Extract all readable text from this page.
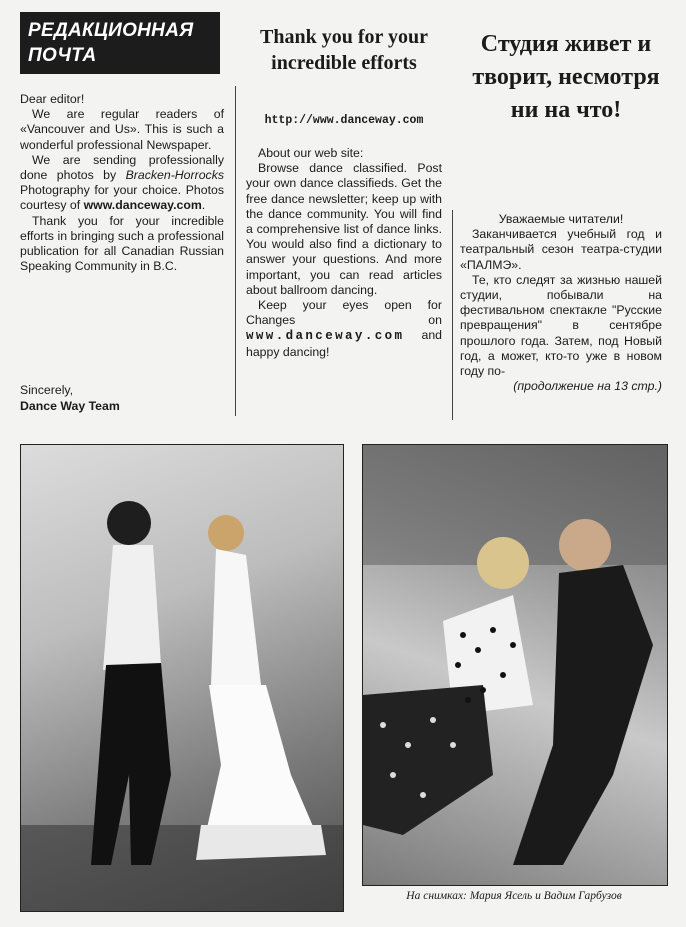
РЕДАКЦИОННАЯ
ПОЧТА

Dear editor!

We are regular readers of «Vancouver and Us». This is such a wonderful professional Newspaper.

We are sending professionally done photos by Bracken-Horrocks Photography for your choice. Photos courtesy of www.danceway.com.

Thank you for your incredible efforts in bringing such a professional publication for all Canadian Russian Speaking Community in B.C.

Sincerely,
Dance Way Team
Thank you for your incredible efforts
http://www.danceway.com

About our web site:

Browse dance classified. Post your own dance classifieds. Get the free dance newsletter; keep up with the dance community. You will find a comprehensive list of dance links. You would also find a dictionary to answer your questions. And more important, you can read articles about ballroom dancing.

Keep your eyes open for Changes on www.danceway.com and happy dancing!

Студия живет и творит, несмотря ни на что!

Уважаемые читатели!

Заканчивается учебный год и театральный сезон театра-студии «ПАЛМЭ».

Те, кто следят за жизнью нашей студии, побывали на фестивальном спектакле "Русские превращения" в сентябре прошлого года. Затем, под Новый год, а может, кто-то уже в новом году по-

(продолжение на 13 стр.)

На снимках: Мария Ясель и Вадим Гарбузов
